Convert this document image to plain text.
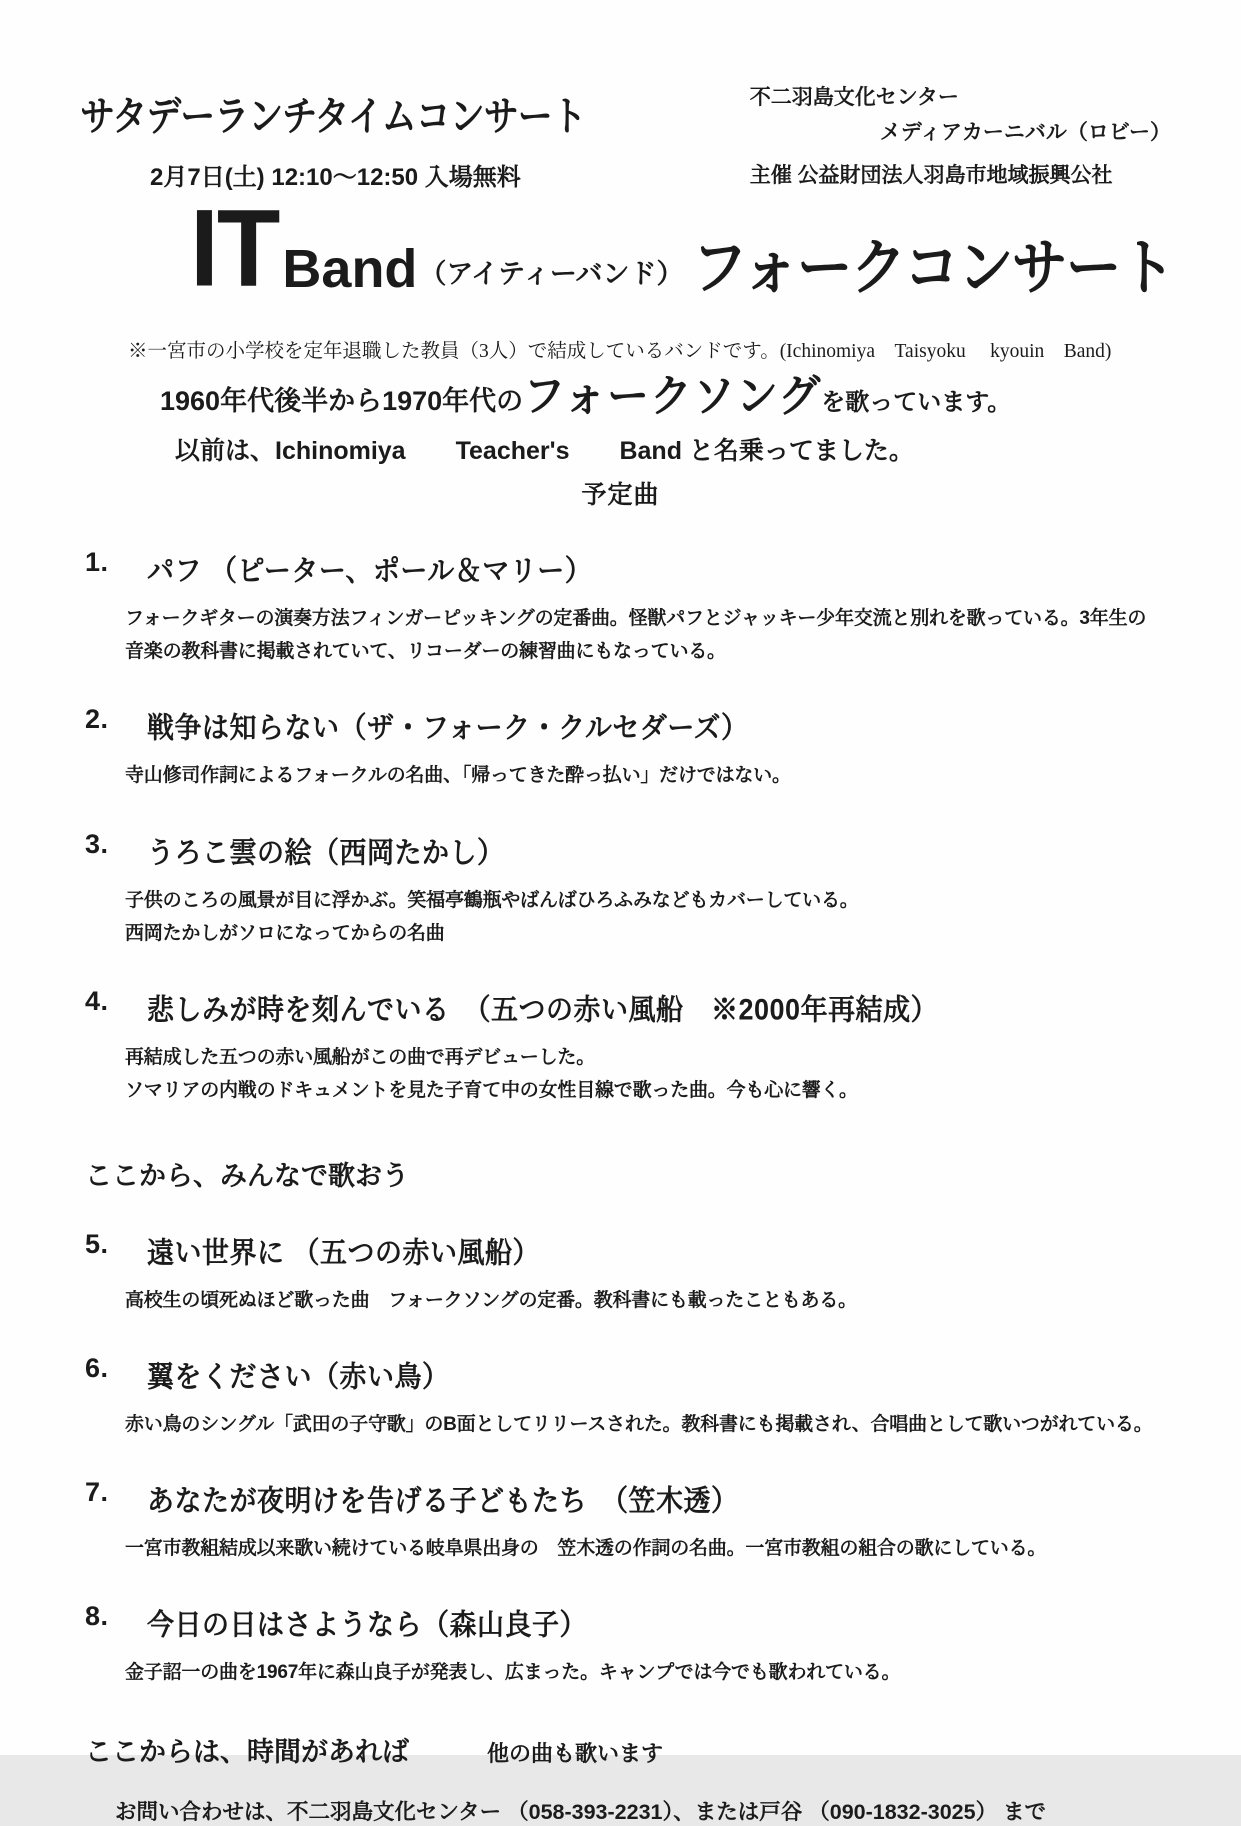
サタデーランチタイムコンサート
2月7日(土) 12:10～12:50 入場無料
不二羽島文化センター
メディアカーニバル（ロビー）
主催 公益財団法人羽島市地域振興公社
IT Band （アイティーバンド） フォークコンサート
※一宮市の小学校を定年退職した教員（3人）で結成しているバンドです。(Ichinomiya　Taisyoku　 kyouin　Band)
1960年代後半から1970年代の フォークソング を歌っています。
以前は、Ichinomiya　　Teacher's　　Band と名乗ってました。
予定曲
1.	パフ （ピーター、ポール＆マリー）
フォークギターの演奏方法フィンガーピッキングの定番曲。怪獣パフとジャッキー少年交流と別れを歌っている。3年生の
音楽の教科書に掲載されていて、リコーダーの練習曲にもなっている。
2.	戦争は知らない（ザ・フォーク・クルセダーズ）
寺山修司作詞によるフォークルの名曲、「帰ってきた酔っ払い」だけではない。
3.	うろこ雲の絵（西岡たかし）
子供のころの風景が目に浮かぶ。笑福亭鶴瓶やばんばひろふみなどもカバーしている。
西岡たかしがソロになってからの名曲
4.	悲しみが時を刻んでいる　（五つの赤い風船　※2000年再結成）
再結成した五つの赤い風船がこの曲で再デビューした。
ソマリアの内戦のドキュメントを見た子育て中の女性目線で歌った曲。今も心に響く。
ここから、みんなで歌おう
5.	遠い世界に （五つの赤い風船）
高校生の頃死ぬほど歌った曲　フォークソングの定番。教科書にも載ったこともある。
6.	翼をください（赤い鳥）
赤い鳥のシングル「武田の子守歌」のB面としてリリースされた。教科書にも掲載され、合唱曲として歌いつがれている。
7.	あなたが夜明けを告げる子どもたち　（笠木透）
一宮市教組結成以来歌い続けている岐阜県出身の　笠木透の作詞の名曲。一宮市教組の組合の歌にしている。
8.	今日の日はさようなら（森山良子）
金子詔一の曲を1967年に森山良子が発表し、広まった。キャンプでは今でも歌われている。
ここからは、時間があれば	他の曲も歌います
お問い合わせは、不二羽島文化センター （058-393-2231）、または戸谷 （090-1832-3025） まで
